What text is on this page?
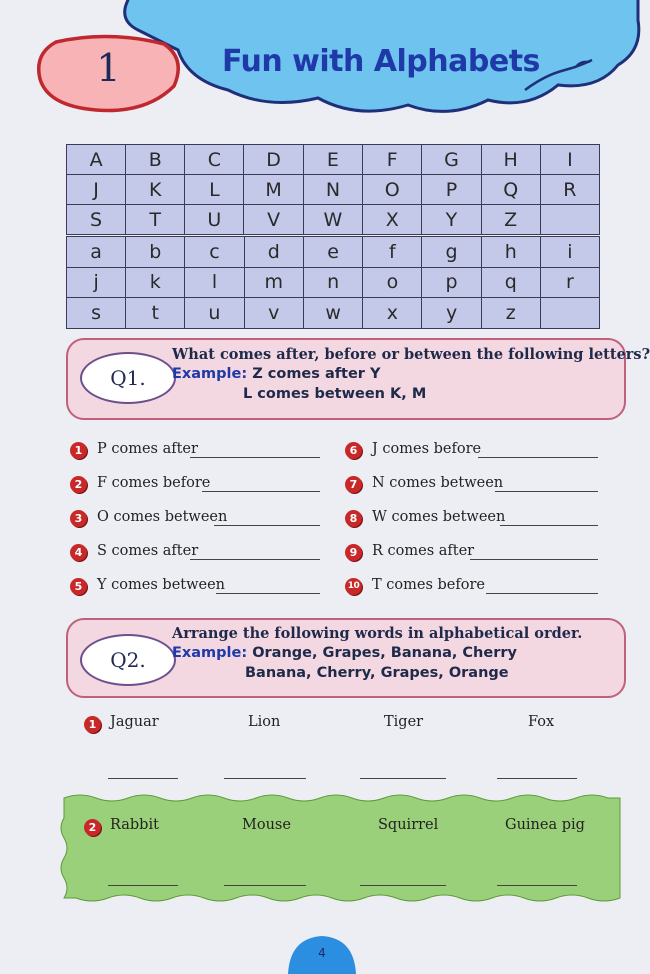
1	Fun with Alphabets
A	B	C	D	E	F	G	H	I
J	K	L	M	N	O	P	Q	R
S	T	U	V	W	X	Y	Z	
a	b	c	d	e	f	g	h	i
j	k	l	m	n	o	p	q	r
s	t	u	v	w	x	y	z	
Q1.
What comes after, before or between the following letters?
Example: Z comes after Y
L comes between K, M
1	P comes after	6	J comes before
2	F comes before	7	N comes between
3	O comes between	8	W comes between
4	S comes after	9	R comes after
5	Y comes between	10 T comes before
Q2.
Arrange the following words in alphabetical order.
Example: Orange, Grapes, Banana, Cherry
Banana, Cherry, Grapes, Orange
1 Jaguar	Lion	Tiger	Fox
2 Rabbit	Mouse	Squirrel	Guinea pig
4
